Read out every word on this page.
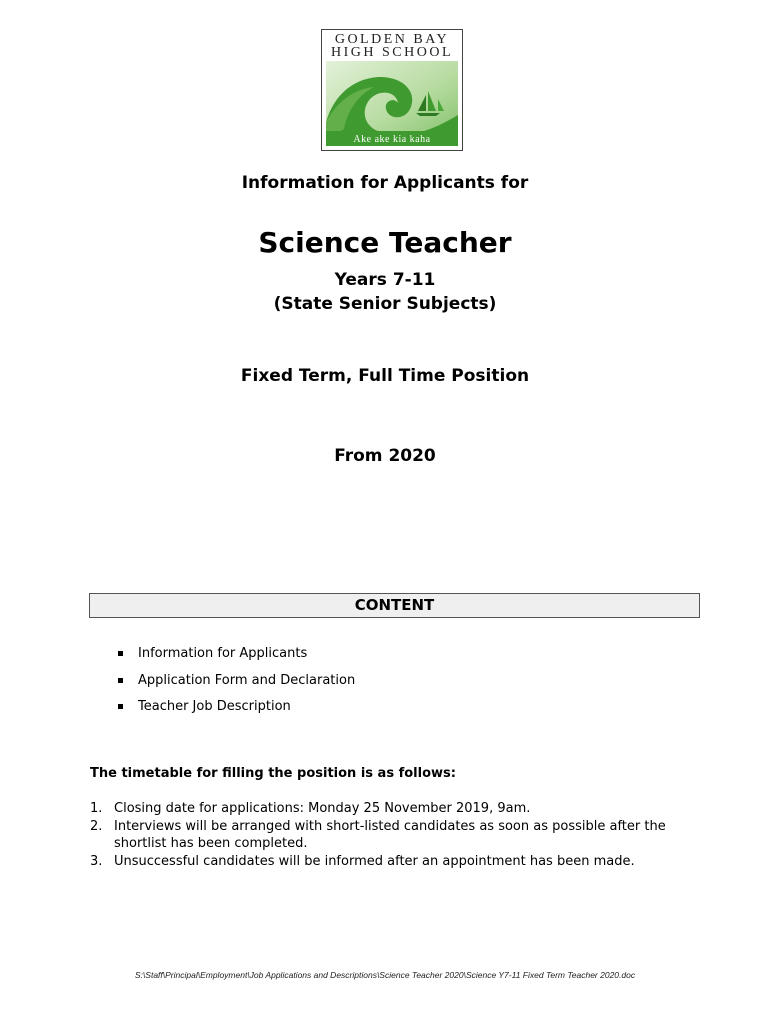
GOLDEN BAY
HIGH SCHOOL
Ake ake kia kaha
Information for Applicants for
Science Teacher
Years 7-11
(State Senior Subjects)
Fixed Term, Full Time Position
From 2020
CONTENT
Information for Applicants
Application Form and Declaration
Teacher Job Description
The timetable for filling the position is as follows:
1. Closing date for applications: Monday 25 November 2019, 9am.
2. Interviews will be arranged with short-listed candidates as soon as possible after the shortlist has been completed.
3. Unsuccessful candidates will be informed after an appointment has been made.
S:\Staff\Principal\Employment\Job Applications and Descriptions\Science Teacher 2020\Science Y7-11 Fixed Term Teacher 2020.doc
